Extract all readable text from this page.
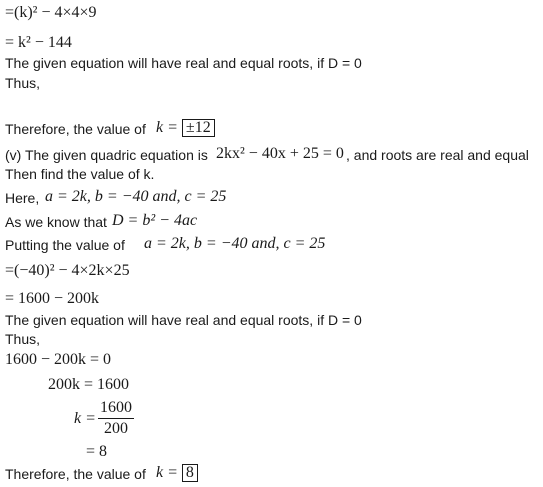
=(k)² − 4×4×9
= k² − 144
The given equation will have real and equal roots, if D = 0
Thus,
Therefore, the value of k = ±12
(v) The given quadric equation is 2kx² − 40x + 25 = 0 , and roots are real and equal
Then find the value of k.
Here, a = 2k, b = −40 and, c = 25
As we know that D = b² − 4ac
Putting the value of a = 2k, b = −40 and, c = 25
=(−40)² − 4×2k×25
= 1600 − 200k
The given equation will have real and equal roots, if D = 0
Thus,
1600 − 200k = 0
200k = 1600
k =
1600
200
= 8
Therefore, the value of k = 8
